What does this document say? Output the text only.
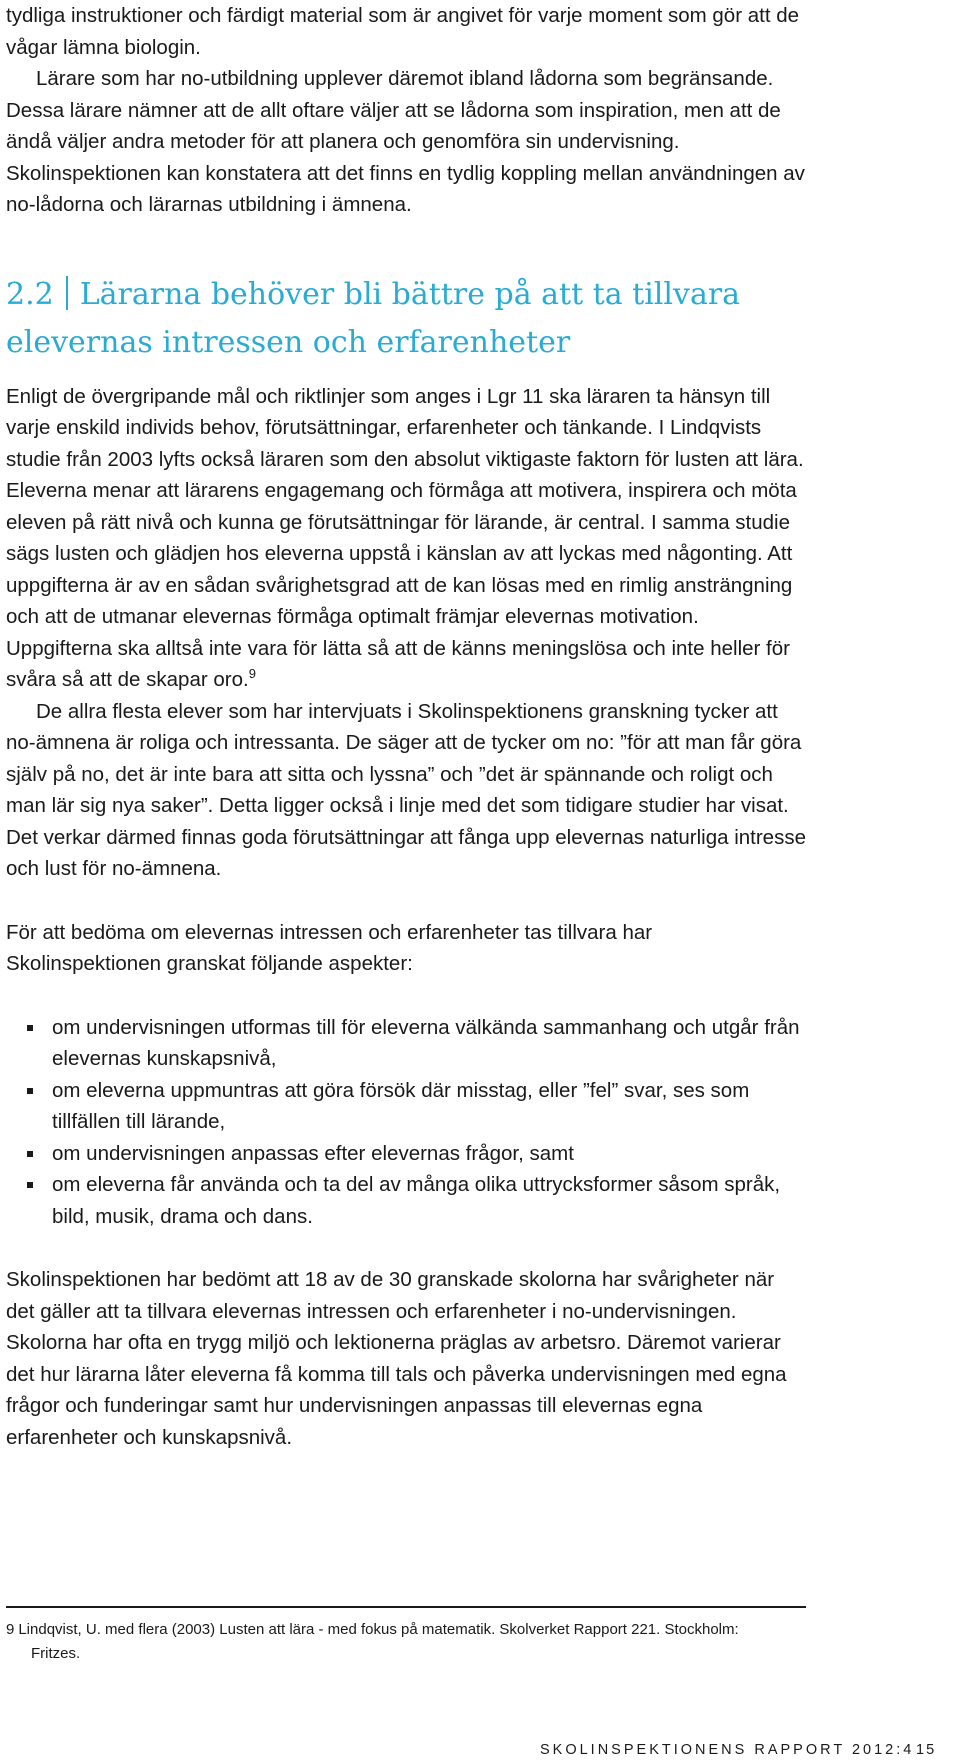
tydliga instruktioner och färdigt material som är angivet för varje moment som gör att de vågar lämna biologin.

Lärare som har no-utbildning upplever däremot ibland lådorna som begränsande. Dessa lärare nämner att de allt oftare väljer att se lådorna som inspiration, men att de ändå väljer andra metoder för att planera och genomföra sin undervisning. Skolinspektionen kan konstatera att det finns en tydlig koppling mellan användningen av no-lådorna och lärarnas utbildning i ämnena.

2.2 Lärarna behöver bli bättre på att ta tillvara elevernas intressen och erfarenheter

Enligt de övergripande mål och riktlinjer som anges i Lgr 11 ska läraren ta hänsyn till varje enskild individs behov, förutsättningar, erfarenheter och tänkande. I Lindqvists studie från 2003 lyfts också läraren som den absolut viktigaste faktorn för lusten att lära. Eleverna menar att lärarens engagemang och förmåga att motivera, inspirera och möta eleven på rätt nivå och kunna ge förutsättningar för lärande, är central. I samma studie sägs lusten och glädjen hos eleverna uppstå i känslan av att lyckas med någonting. Att uppgifterna är av en sådan svårighetsgrad att de kan lösas med en rimlig ansträngning och att de utmanar elevernas förmåga optimalt främjar elevernas motivation. Uppgifterna ska alltså inte vara för lätta så att de känns meningslösa och inte heller för svåra så att de skapar oro.$^9$

De allra flesta elever som har intervjuats i Skolinspektionens granskning tycker att no-ämnena är roliga och intressanta. De säger att de tycker om no: ”för att man får göra själv på no, det är inte bara att sitta och lyssna” och ”det är spännande och roligt och man lär sig nya saker”. Detta ligger också i linje med det som tidigare studier har visat. Det verkar därmed finnas goda förutsättningar att fånga upp elevernas naturliga intresse och lust för no-ämnena.

För att bedöma om elevernas intressen och erfarenheter tas tillvara har Skolinspektionen granskat följande aspekter:

om undervisningen utformas till för eleverna välkända sammanhang och utgår från elevernas kunskapsnivå,
om eleverna uppmuntras att göra försök där misstag, eller ”fel” svar, ses som tillfällen till lärande,
om undervisningen anpassas efter elevernas frågor, samt
om eleverna får använda och ta del av många olika uttrycksformer såsom språk, bild, musik, drama och dans.

Skolinspektionen har bedömt att 18 av de 30 granskade skolorna har svårigheter när det gäller att ta tillvara elevernas intressen och erfarenheter i no-undervisningen. Skolorna har ofta en trygg miljö och lektionerna präglas av arbetsro. Däremot varierar det hur lärarna låter eleverna få komma till tals och påverka undervisningen med egna frågor och funderingar samt hur undervisningen anpassas till elevernas egna erfarenheter och kunskapsnivå.

9 Lindqvist, U. med flera (2003) Lusten att lära - med fokus på matematik. Skolverket Rapport 221. Stockholm:
Fritzes.
SKOLINSPEKTIONENS RAPPORT 2012:4 15
